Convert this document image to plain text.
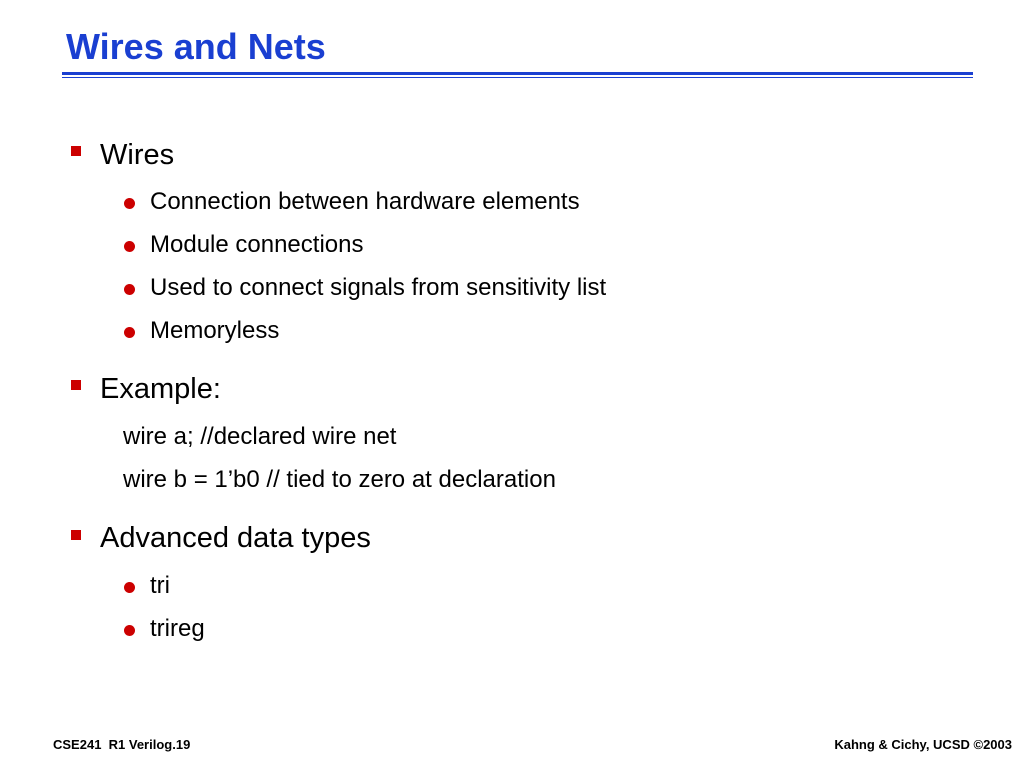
Wires and Nets
Wires
Connection between hardware elements
Module connections
Used to connect signals from sensitivity list
Memoryless
Example:
wire a; //declared wire net
wire b = 1’b0 // tied to zero at declaration
Advanced data types
tri
trireg
CSE241  R1 Verilog.19	Kahng & Cichy, UCSD ©2003
